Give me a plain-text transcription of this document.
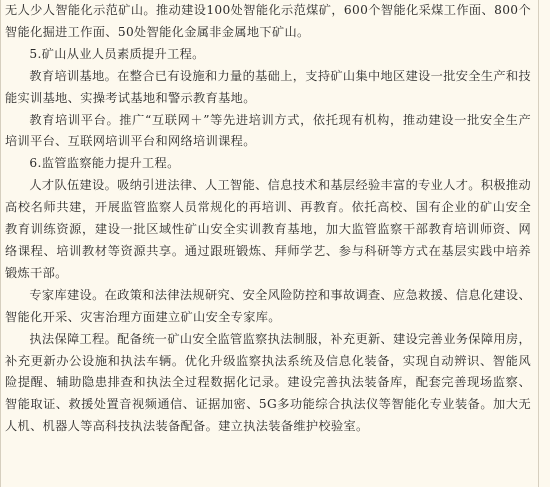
无人少人智能化示范矿山。推动建设100处智能化示范煤矿，600个智能化采煤工作面、800个智能化掘进工作面、50处智能化金属非金属地下矿山。

5.矿山从业人员素质提升工程。

教育培训基地。在整合已有设施和力量的基础上，支持矿山集中地区建设一批安全生产和技能实训基地、实操考试基地和警示教育基地。

教育培训平台。推广“互联网＋”等先进培训方式，依托现有机构，推动建设一批安全生产培训平台、互联网培训平台和网络培训课程。

6.监管监察能力提升工程。

人才队伍建设。吸纳引进法律、人工智能、信息技术和基层经验丰富的专业人才。积极推动高校名师共建，开展监管监察人员常规化的再培训、再教育。依托高校、国有企业的矿山安全教育训练资源，建设一批区域性矿山安全实训教育基地，加大监管监察干部教育培训师资、网络课程、培训教材等资源共享。通过跟班锻炼、拜师学艺、参与科研等方式在基层实践中培养锻炼干部。

专家库建设。在政策和法律法规研究、安全风险防控和事故调查、应急救援、信息化建设、智能化开采、灾害治理方面建立矿山安全专家库。

执法保障工程。配备统一矿山安全监管监察执法制服，补充更新、建设完善业务保障用房，补充更新办公设施和执法车辆。优化升级监察执法系统及信息化装备，实现自动辨识、智能风险提醒、辅助隐患排查和执法全过程数据化记录。建设完善执法装备库，配套完善现场监察、智能取证、救援处置音视频通信、证据加密、5G多功能综合执法仪等智能化专业装备。加大无人机、机器人等高科技执法装备配备。建立执法装备维护校验室。
